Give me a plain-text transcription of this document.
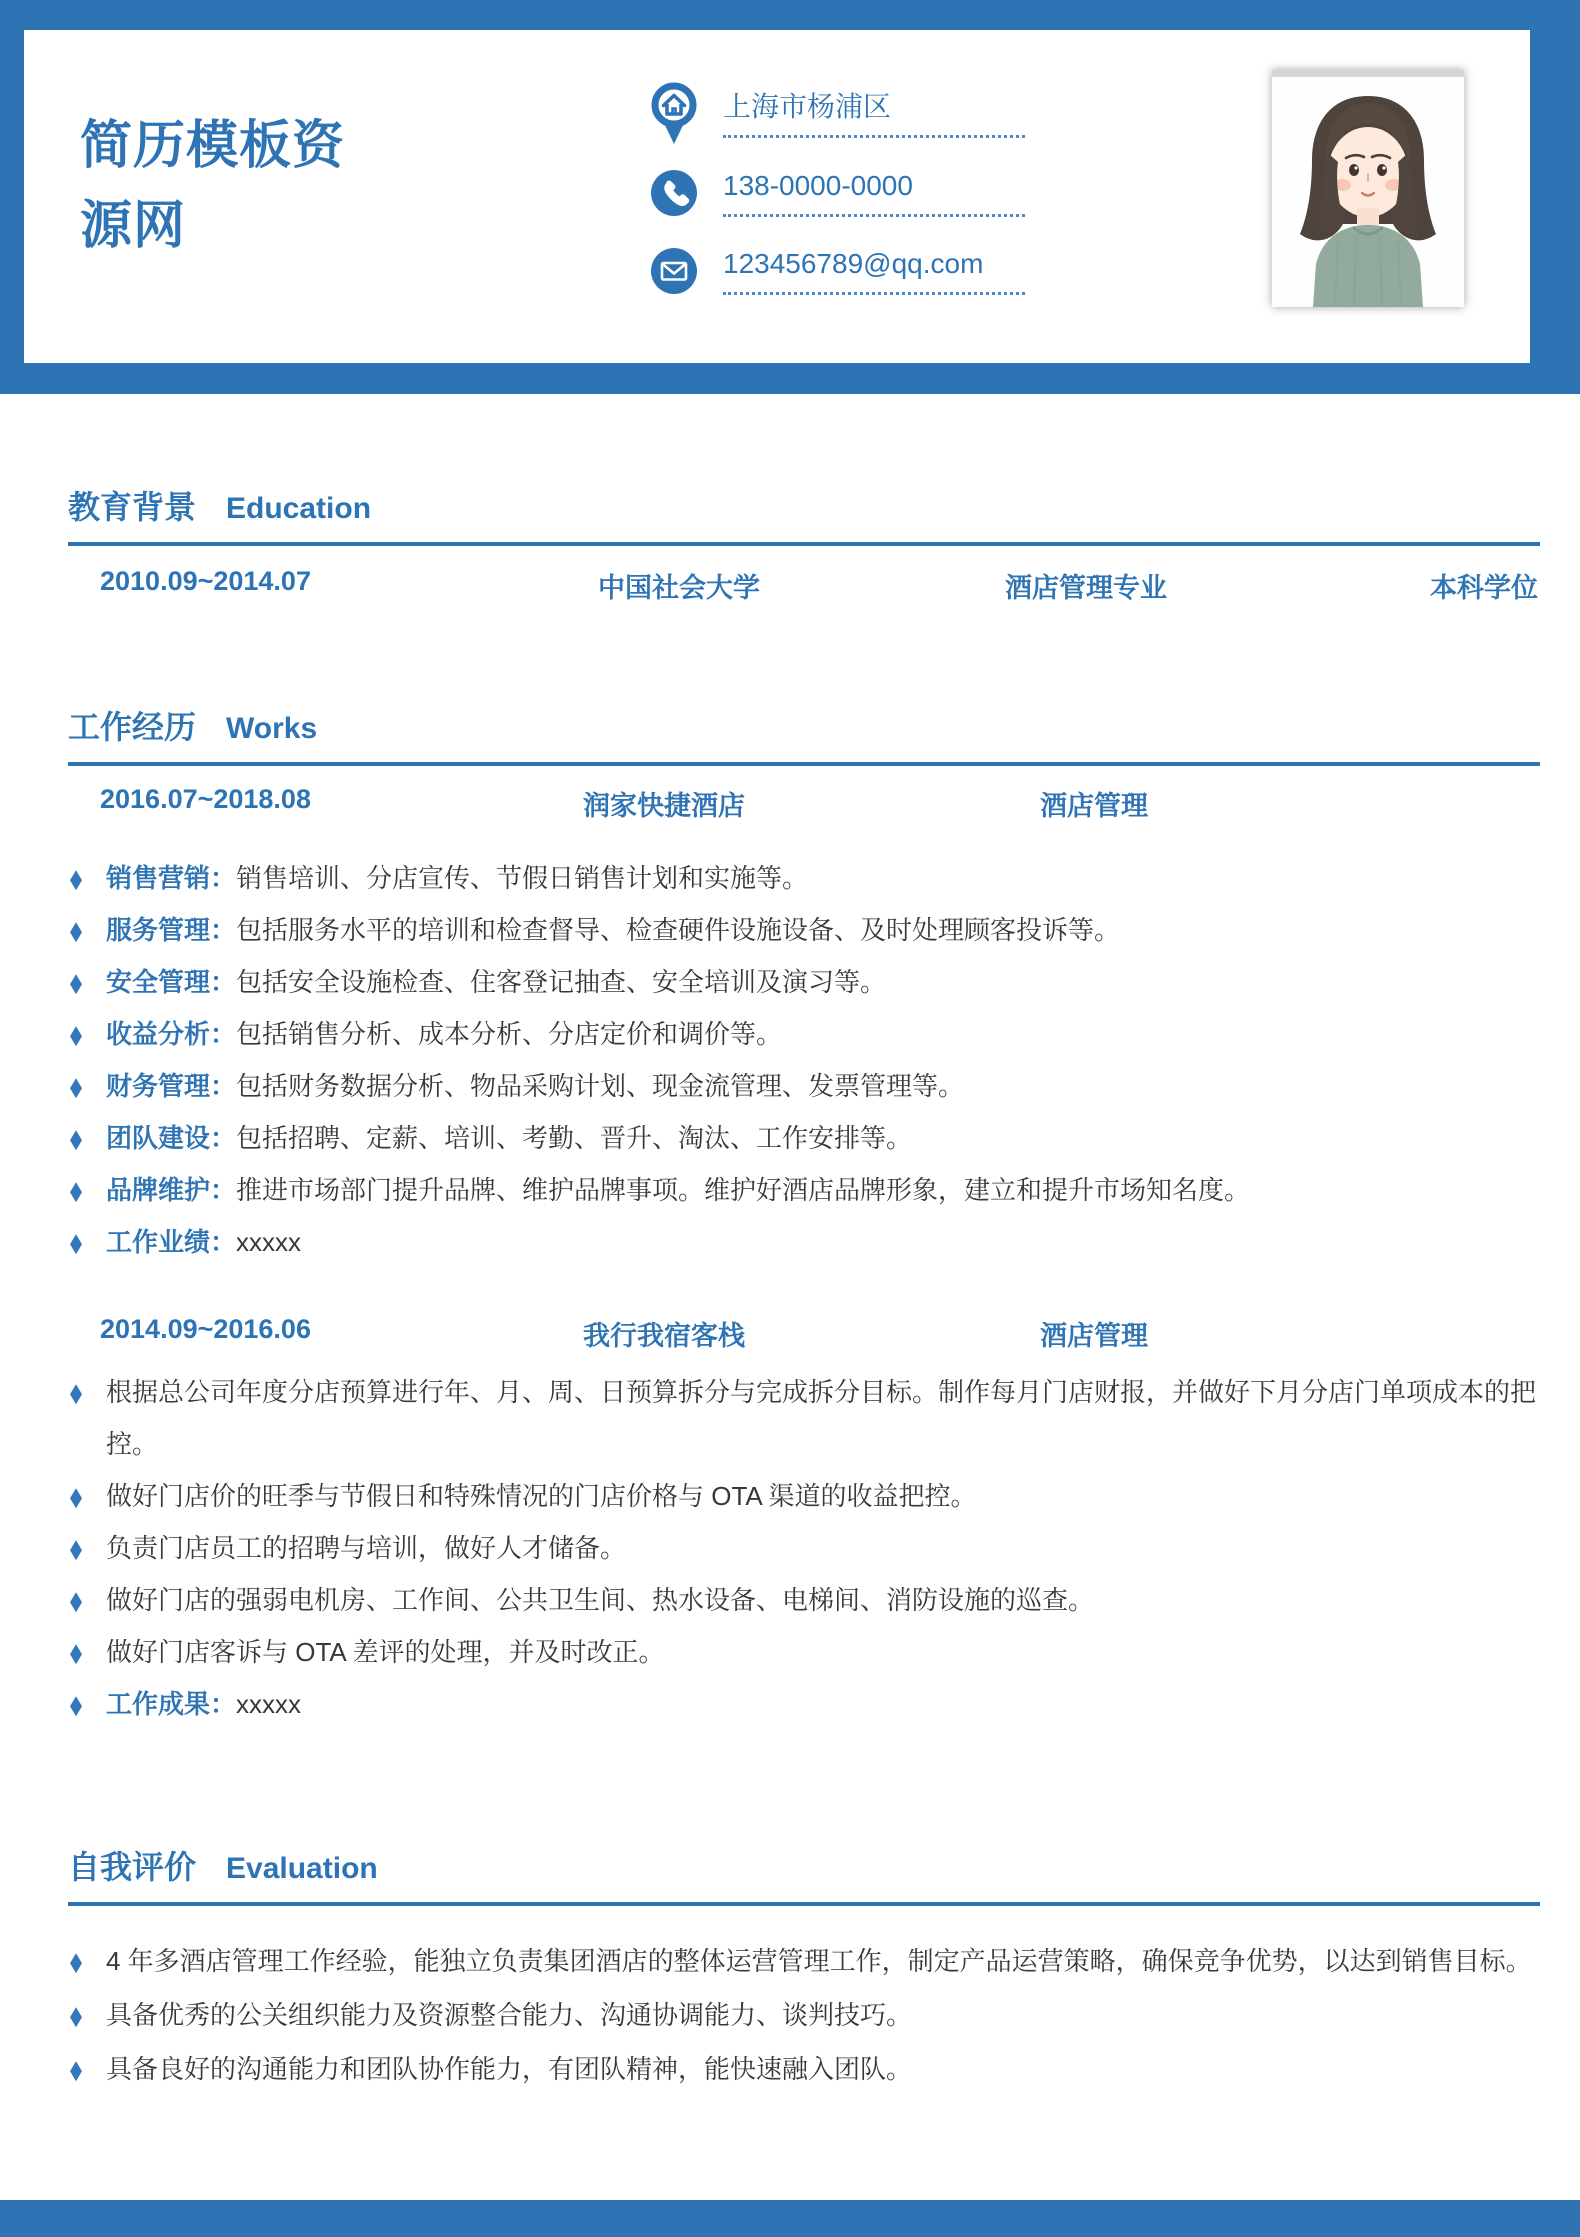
简历模板资源网
上海市杨浦区
138-0000-0000
123456789@qq.com
教育背景 Education
2010.09~2014.07	中国社会大学	酒店管理专业	本科学位
工作经历 Works
2016.07~2018.08	润家快捷酒店	酒店管理
◆ 销售营销：销售培训、分店宣传、节假日销售计划和实施等。
◆ 服务管理：包括服务水平的培训和检查督导、检查硬件设施设备、及时处理顾客投诉等。
◆ 安全管理：包括安全设施检查、住客登记抽查、安全培训及演习等。
◆ 收益分析：包括销售分析、成本分析、分店定价和调价等。
◆ 财务管理：包括财务数据分析、物品采购计划、现金流管理、发票管理等。
◆ 团队建设：包括招聘、定薪、培训、考勤、晋升、淘汰、工作安排等。
◆ 品牌维护：推进市场部门提升品牌、维护品牌事项。维护好酒店品牌形象，建立和提升市场知名度。
◆ 工作业绩：xxxxx
2014.09~2016.06	我行我宿客栈	酒店管理
◆ 根据总公司年度分店预算进行年、月、周、日预算拆分与完成拆分目标。制作每月门店财报，并做好下月分店门单项成本的把控。
◆ 做好门店价的旺季与节假日和特殊情况的门店价格与 OTA 渠道的收益把控。
◆ 负责门店员工的招聘与培训，做好人才储备。
◆ 做好门店的强弱电机房、工作间、公共卫生间、热水设备、电梯间、消防设施的巡查。
◆ 做好门店客诉与 OTA 差评的处理，并及时改正。
◆ 工作成果：xxxxx
自我评价 Evaluation
◆ 4 年多酒店管理工作经验，能独立负责集团酒店的整体运营管理工作，制定产品运营策略，确保竞争优势，以达到销售目标。
◆ 具备优秀的公关组织能力及资源整合能力、沟通协调能力、谈判技巧。
◆ 具备良好的沟通能力和团队协作能力，有团队精神，能快速融入团队。
